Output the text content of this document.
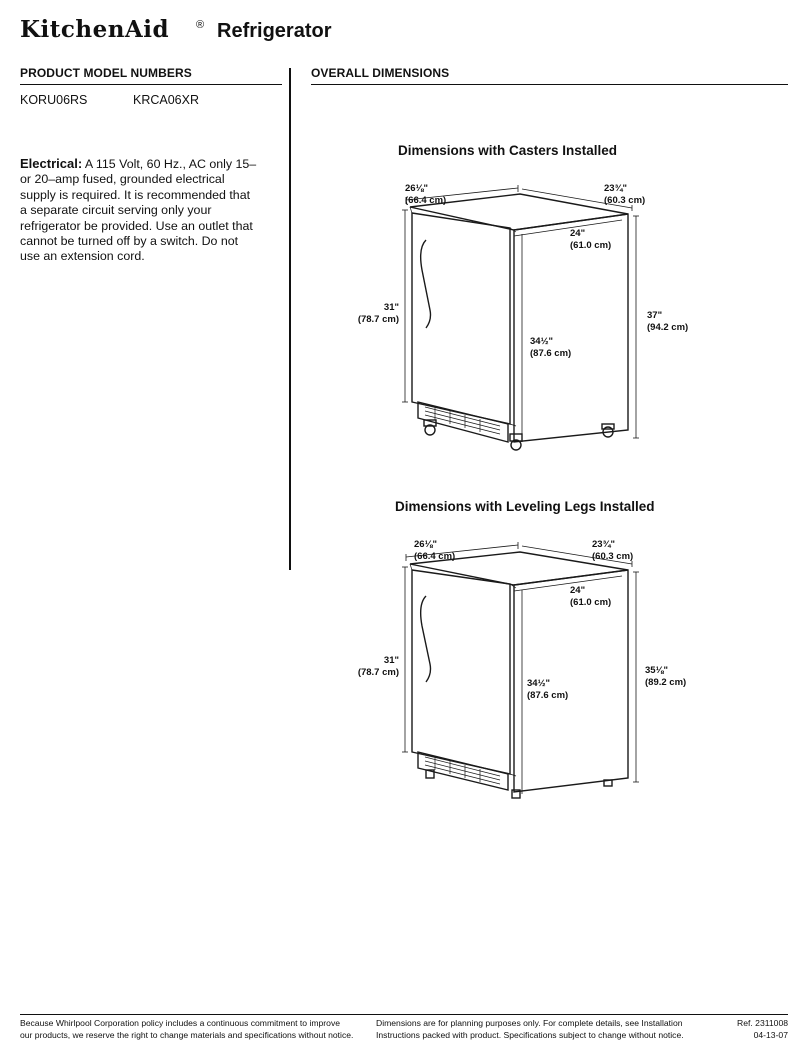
KitchenAid ® Refrigerator
PRODUCT MODEL NUMBERS
KORU06RS	KRCA06XR
Electrical: A 115 Volt, 60 Hz., AC only 15– or 20–amp fused, grounded electrical supply is required. It is recommended that a separate circuit serving only your refrigerator be provided. Use an outlet that cannot be turned off by a switch. Do not use an extension cord.
OVERALL DIMENSIONS
Dimensions with Casters Installed
26⅛"
(66.4 cm)
23¾"
(60.3 cm)
24"
(61.0 cm)
31"
(78.7 cm)
34½"
(87.6 cm)
37"
(94.2 cm)
Dimensions with Leveling Legs Installed
26⅛"
(66.4 cm)
23¾"
(60.3 cm)
24"
(61.0 cm)
31"
(78.7 cm)
34½"
(87.6 cm)
35⅛"
(89.2 cm)
Because Whirlpool Corporation policy includes a continuous commitment to improve
our products, we reserve the right to change materials and specifications without notice.
Dimensions are for planning purposes only. For complete details, see Installation
Instructions packed with product. Specifications subject to change without notice.
Ref. 2311008
04-13-07
